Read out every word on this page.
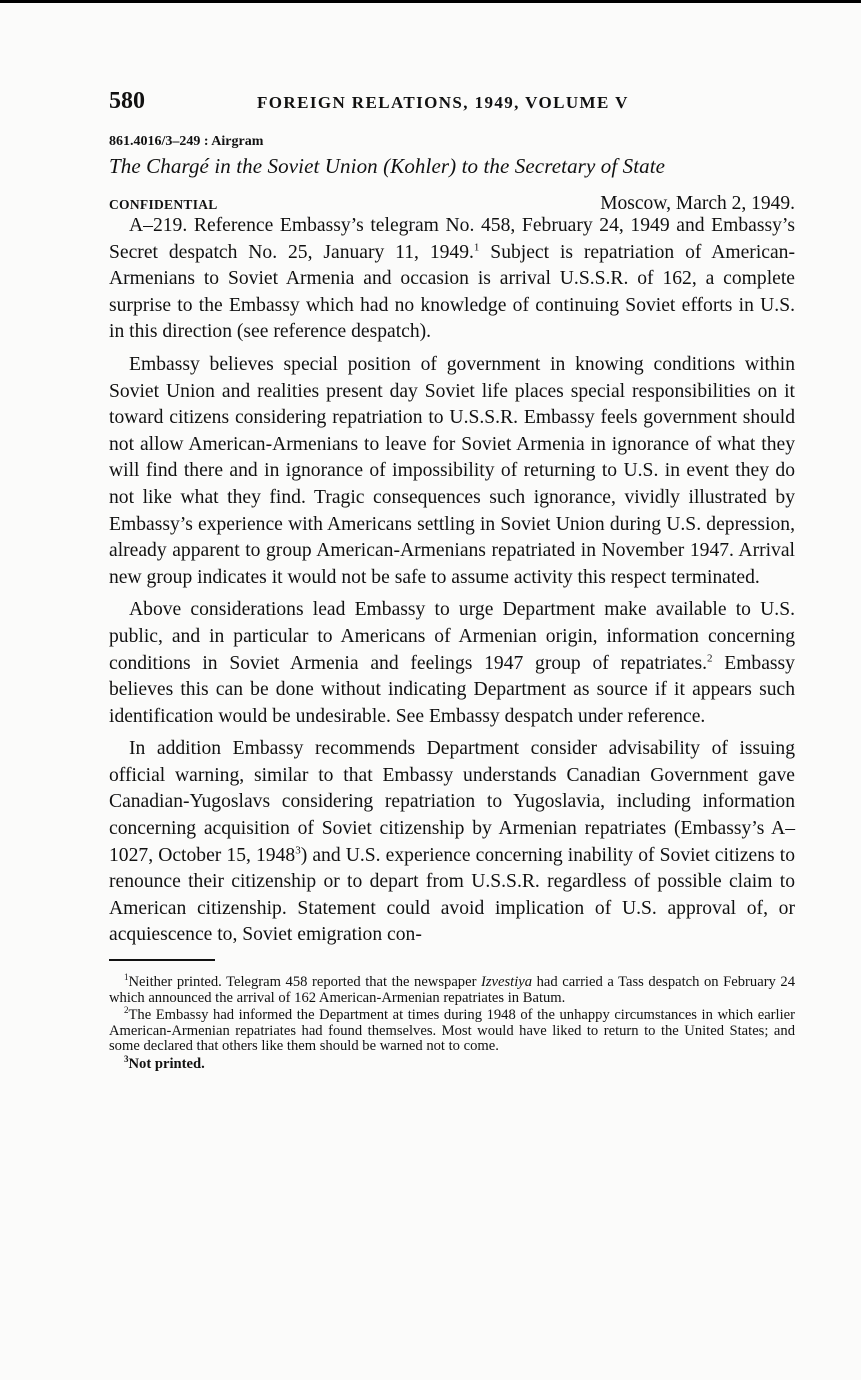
580	FOREIGN RELATIONS, 1949, VOLUME V
861.4016/3–249 : Airgram
The Chargé in the Soviet Union (Kohler) to the Secretary of State
CONFIDENTIAL	Moscow, March 2, 1949.

A–219. Reference Embassy’s telegram No. 458, February 24, 1949 and Embassy’s Secret despatch No. 25, January 11, 1949.$^1$ Subject is repatriation of American-Armenians to Soviet Armenia and occasion is arrival U.S.S.R. of 162, a complete surprise to the Embassy which had no knowledge of continuing Soviet efforts in U.S. in this direction (see reference despatch).

Embassy believes special position of government in knowing conditions within Soviet Union and realities present day Soviet life places special responsibilities on it toward citizens considering repatriation to U.S.S.R. Embassy feels government should not allow American-Armenians to leave for Soviet Armenia in ignorance of what they will find there and in ignorance of impossibility of returning to U.S. in event they do not like what they find. Tragic consequences such ignorance, vividly illustrated by Embassy’s experience with Americans settling in Soviet Union during U.S. depression, already apparent to group American-Armenians repatriated in November 1947. Arrival new group indicates it would not be safe to assume activity this respect terminated.

Above considerations lead Embassy to urge Department make available to U.S. public, and in particular to Americans of Armenian origin, information concerning conditions in Soviet Armenia and feelings 1947 group of repatriates.$^2$ Embassy believes this can be done without indicating Department as source if it appears such identification would be undesirable. See Embassy despatch under reference.

In addition Embassy recommends Department consider advisability of issuing official warning, similar to that Embassy understands Canadian Government gave Canadian-Yugoslavs considering repatriation to Yugoslavia, including information concerning acquisition of Soviet citizenship by Armenian repatriates (Embassy’s A–1027, October 15, 1948$^3$) and U.S. experience concerning inability of Soviet citizens to renounce their citizenship or to depart from U.S.S.R. regardless of possible claim to American citizenship. Statement could avoid implication of U.S. approval of, or acquiescence to, Soviet emigration con-

$^1$Neither printed. Telegram 458 reported that the newspaper Izvestiya had carried a Tass despatch on February 24 which announced the arrival of 162 American-Armenian repatriates in Batum.

$^2$The Embassy had informed the Department at times during 1948 of the unhappy circumstances in which earlier American-Armenian repatriates had found themselves. Most would have liked to return to the United States; and some declared that others like them should be warned not to come.

$^3$Not printed.
